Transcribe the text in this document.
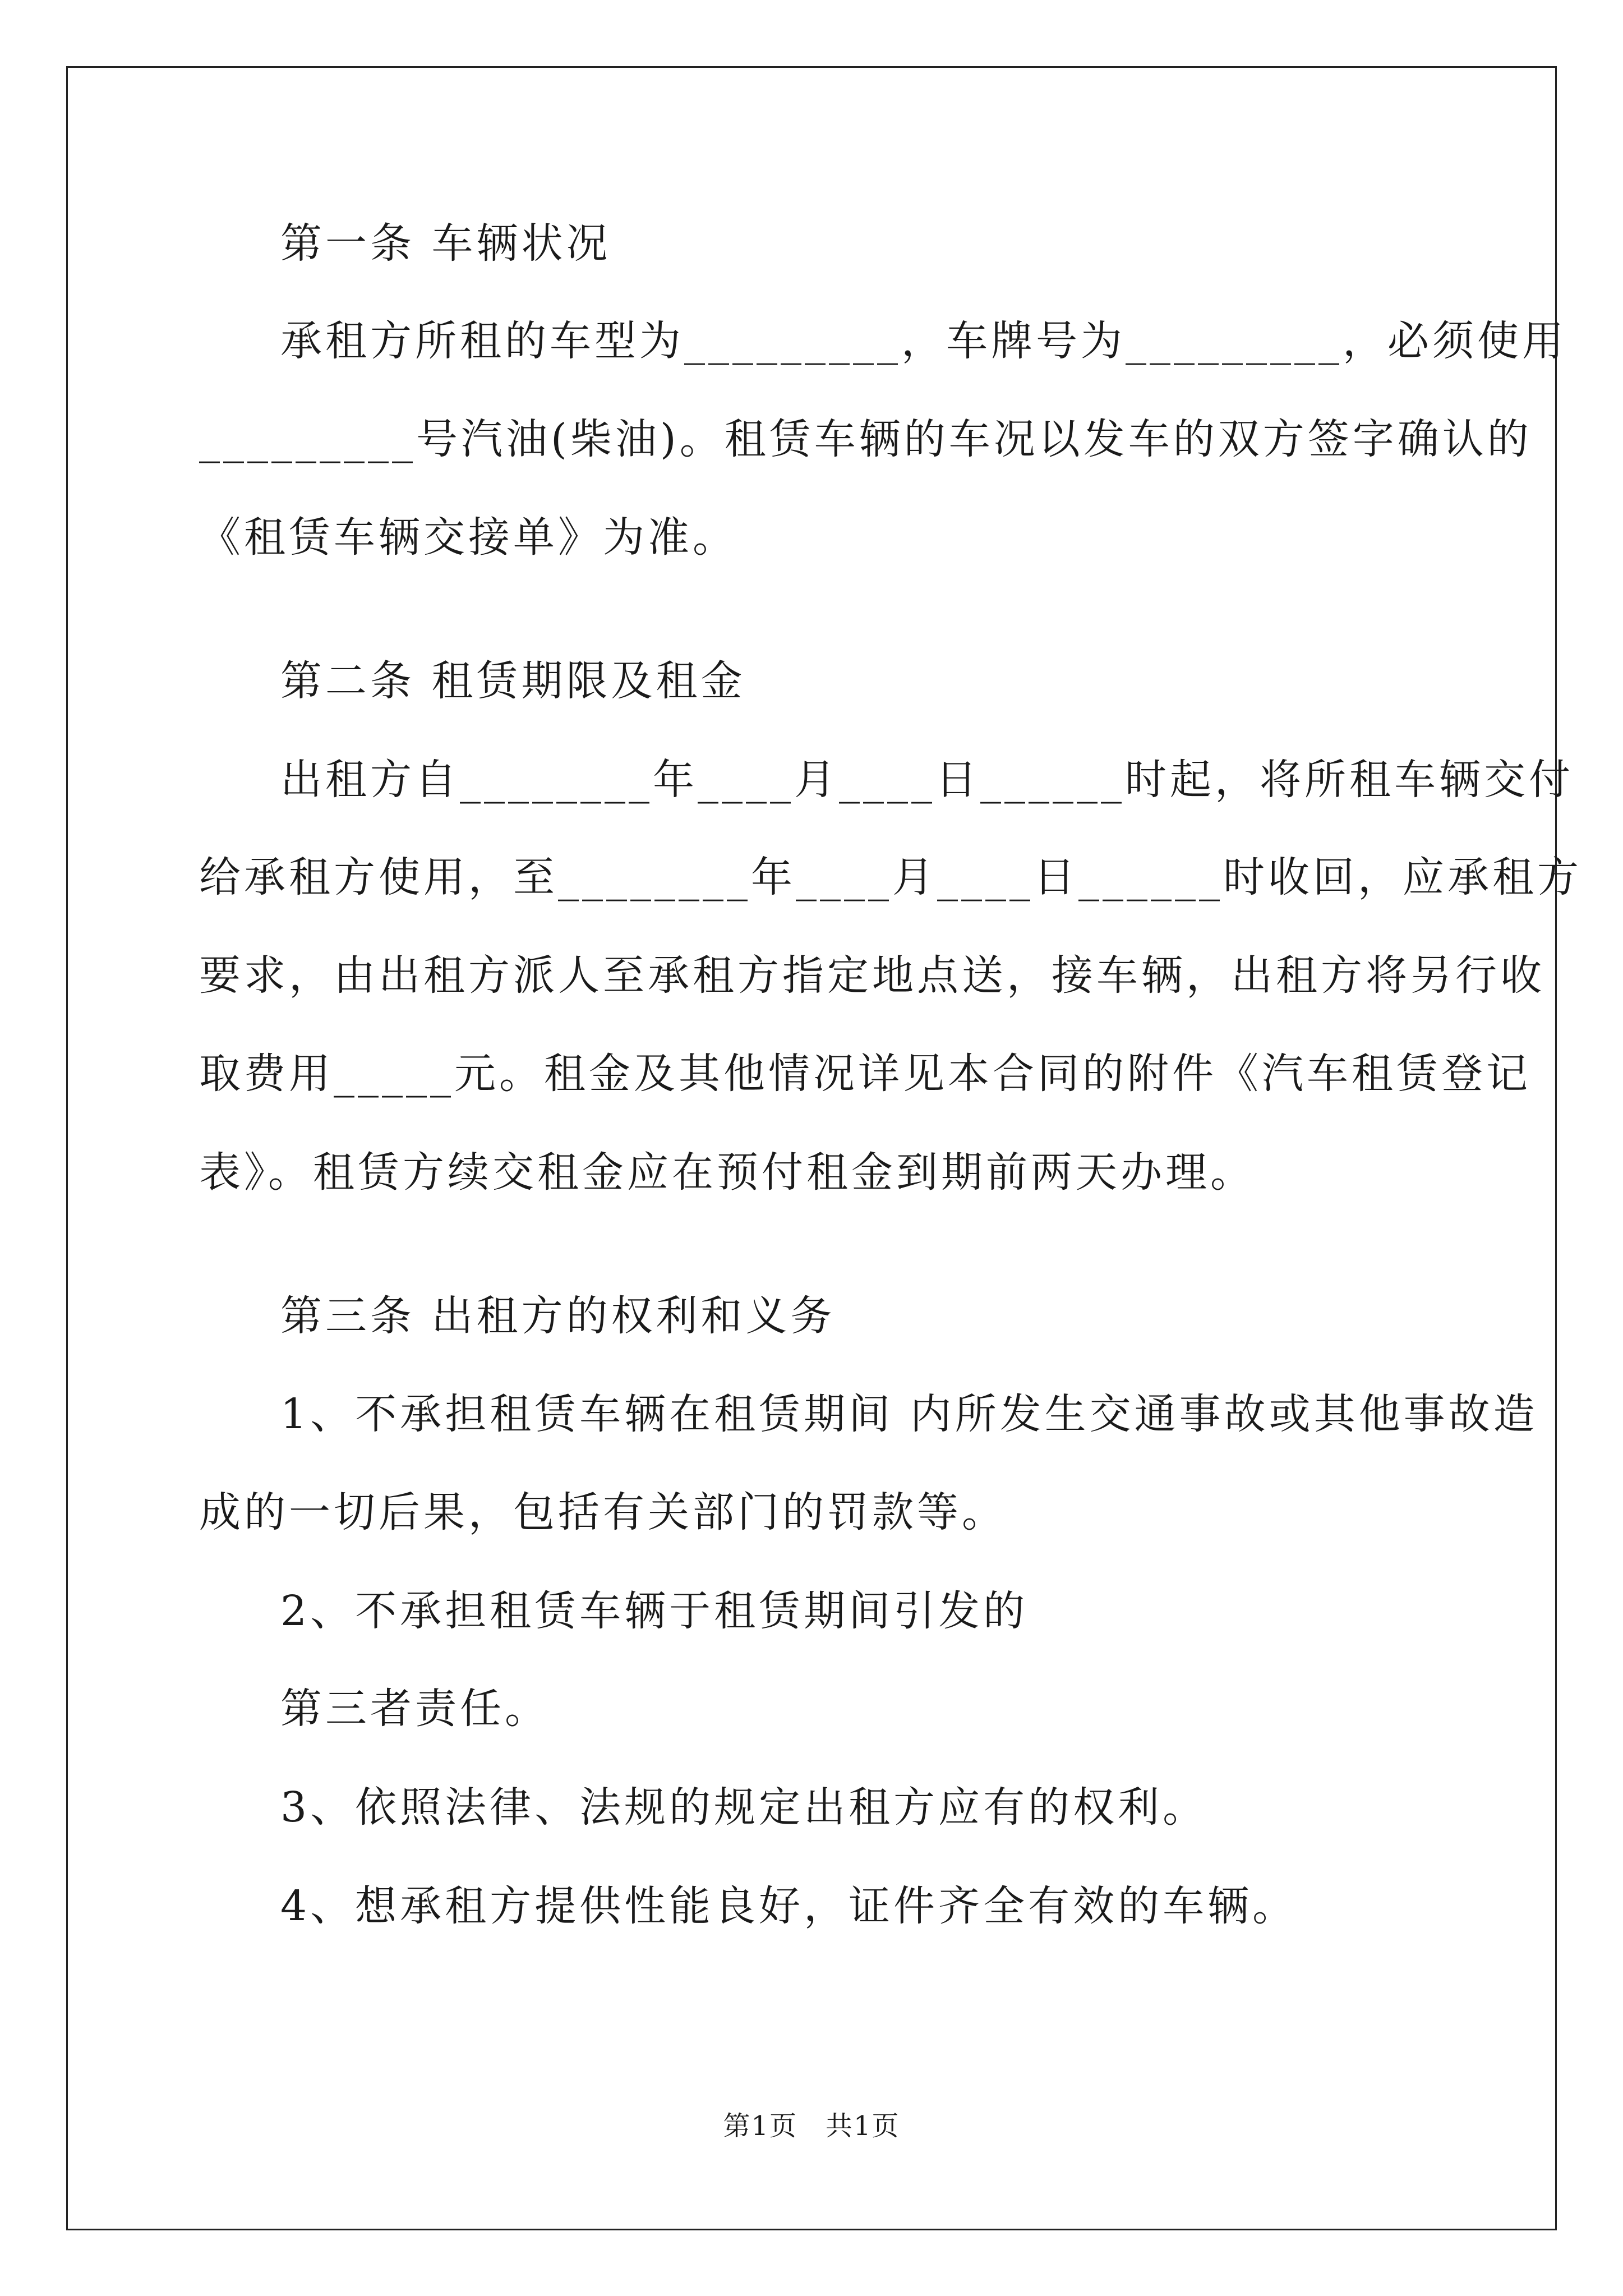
第一条 车辆状况
承租方所租的车型为_________，车牌号为_________，必须使用
_________号汽油(柴油)。租赁车辆的车况以发车的双方签字确认的
《租赁车辆交接单》为准。
第二条 租赁期限及租金
出租方自________年____月____日______时起，将所租车辆交付
给承租方使用，至________年____月____日______时收回，应承租方
要求，由出租方派人至承租方指定地点送，接车辆，出租方将另行收
取费用_____元。租金及其他情况详见本合同的附件《汽车租赁登记
表》。租赁方续交租金应在预付租金到期前两天办理。
第三条 出租方的权利和义务
1、不承担租赁车辆在租赁期间 内所发生交通事故或其他事故造
成的一切后果，包括有关部门的罚款等。
2、不承担租赁车辆于租赁期间引发的
第三者责任。
3、依照法律、法规的规定出租方应有的权利。
4、想承租方提供性能良好，证件齐全有效的车辆。
第1页　共1页
